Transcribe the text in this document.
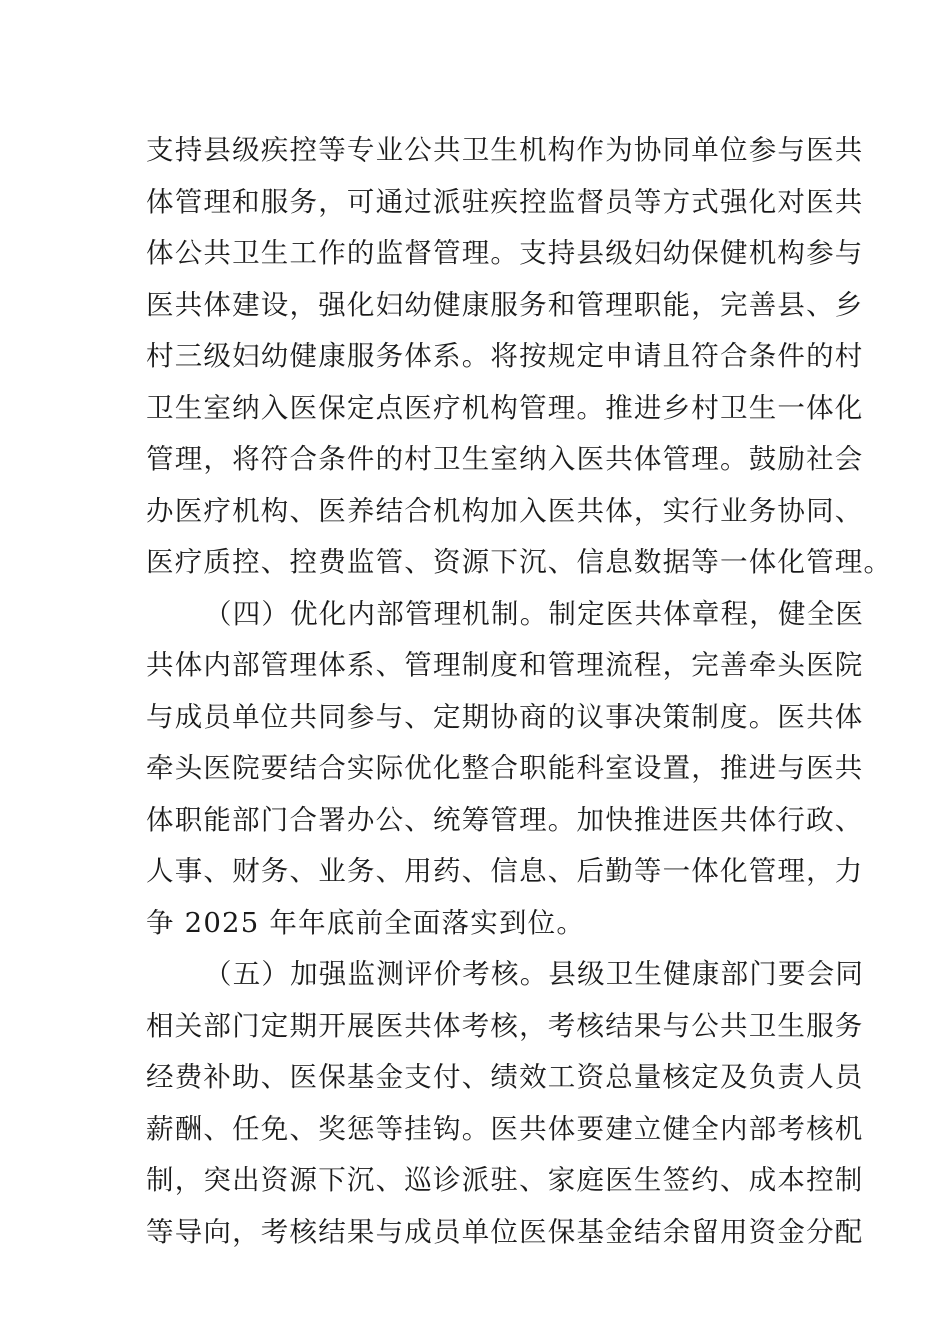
支持县级疾控等专业公共卫生机构作为协同单位参与医共
体管理和服务，可通过派驻疾控监督员等方式强化对医共
体公共卫生工作的监督管理。支持县级妇幼保健机构参与
医共体建设，强化妇幼健康服务和管理职能，完善县、乡
村三级妇幼健康服务体系。将按规定申请且符合条件的村
卫生室纳入医保定点医疗机构管理。推进乡村卫生一体化
管理，将符合条件的村卫生室纳入医共体管理。鼓励社会
办医疗机构、医养结合机构加入医共体，实行业务协同、
医疗质控、控费监管、资源下沉、信息数据等一体化管理。
（四）优化内部管理机制。制定医共体章程，健全医
共体内部管理体系、管理制度和管理流程，完善牵头医院
与成员单位共同参与、定期协商的议事决策制度。医共体
牵头医院要结合实际优化整合职能科室设置，推进与医共
体职能部门合署办公、统筹管理。加快推进医共体行政、
人事、财务、业务、用药、信息、后勤等一体化管理，力
争 2025 年年底前全面落实到位。
（五）加强监测评价考核。县级卫生健康部门要会同
相关部门定期开展医共体考核，考核结果与公共卫生服务
经费补助、医保基金支付、绩效工资总量核定及负责人员
薪酬、任免、奖惩等挂钩。医共体要建立健全内部考核机
制，突出资源下沉、巡诊派驻、家庭医生签约、成本控制
等导向，考核结果与成员单位医保基金结余留用资金分配
